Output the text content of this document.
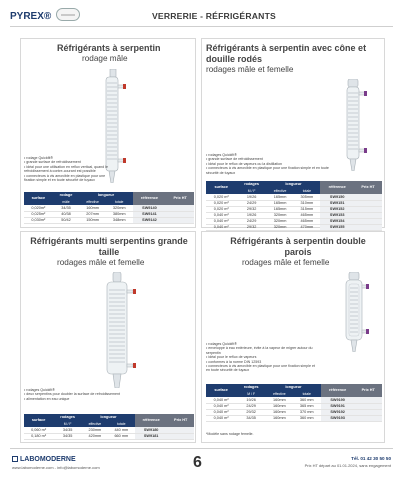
PYREX®	VERRERIE - RÉFRIGÉRANTS
Réfrigérants à serpentin
rodage mâle
• rodage Quickfit®
• grande surface de refroidissement
• idéal pour une utilisation en reflux vertical, quand le refroidissement à contre-courant est possible
• connecteurs à vis amovible en plastique pour une fixation simple et en toute sécurité de tuyaux
surface	rodage	longueur		référence	Prix HT
	mâle	effective	totale		
0,020m²	34/35	160mm	320mm	SW9140	
0,025m²	40/38	207mm	380mm	SW9141	
0,030m²	50/42	150mm	348mm	SW9142	
Réfrigérants à serpentin avec cône et douille rodés
rodages mâle et femelle
• rodages Quickfit®
• grande surface de refroidissement
• idéal pour le reflux de vapeurs ou la distillation
• connecteurs à vis amovible en plastique pour une fixation simple et en toute sécurité de tuyaux
surface	rodages	longueur		référence	Prix HT
	M / F	effective	totale		
0,020 m²	19/26	165mm	305mm	SW9150	
0,020 m²	24/29	165mm	310mm	SW9151	
0,020 m²	29/32	165mm	315mm	SW9152	
0,040 m²	19/26	320mm	465mm	SW9153	
0,040 m²	24/29	320mm	465mm	SW9154	
0,040 m²	29/32	320mm	470mm	SW9155	
Réfrigérants multi serpentins grande taille
rodages mâle et femelle
• rodages Quickfit®
• deux serpentins pour doubler la surface de refroidissement
• alimentation en eau unique
surface	rodages	longueur		référence	Prix HT
	M / F	effective	totale		
0,060 m²	34/35	230mm	440 mm	SW9180	
0,180 m²	34/35	420mm	660 mm	SW9181	
Réfrigérants à serpentin double parois
rodages mâle et femelle
• rodages Quickfit®
• enveloppe à eau extérieure, évite à la vapeur de migrer autour du serpentin
• idéal pour le reflux de vapeurs
• conformes à la norme DIN 12593
• connecteurs à vis amovible en plastique pour une fixation simple et en toute sécurité de tuyaux
surface	rodages	longueur		référence	Prix HT
	M / F	effective	totale		
0,040 m²	19/26	160mm	360 mm	SW9190	
0,040 m²	24/29	160mm	365 mm	SW9191	
0,040 m²	29/32	160mm	370 mm	SW9192	
0,040 m²	34/35	160mm	360 mm	SW9193	
*Modèle sans rodage femelle.
LABOMODERNE
www.labomoderne.com - info@labomoderne.com	6	Tél. 01 42 30 50 50
Prix HT départ au 01.01.2024, sans engagement
